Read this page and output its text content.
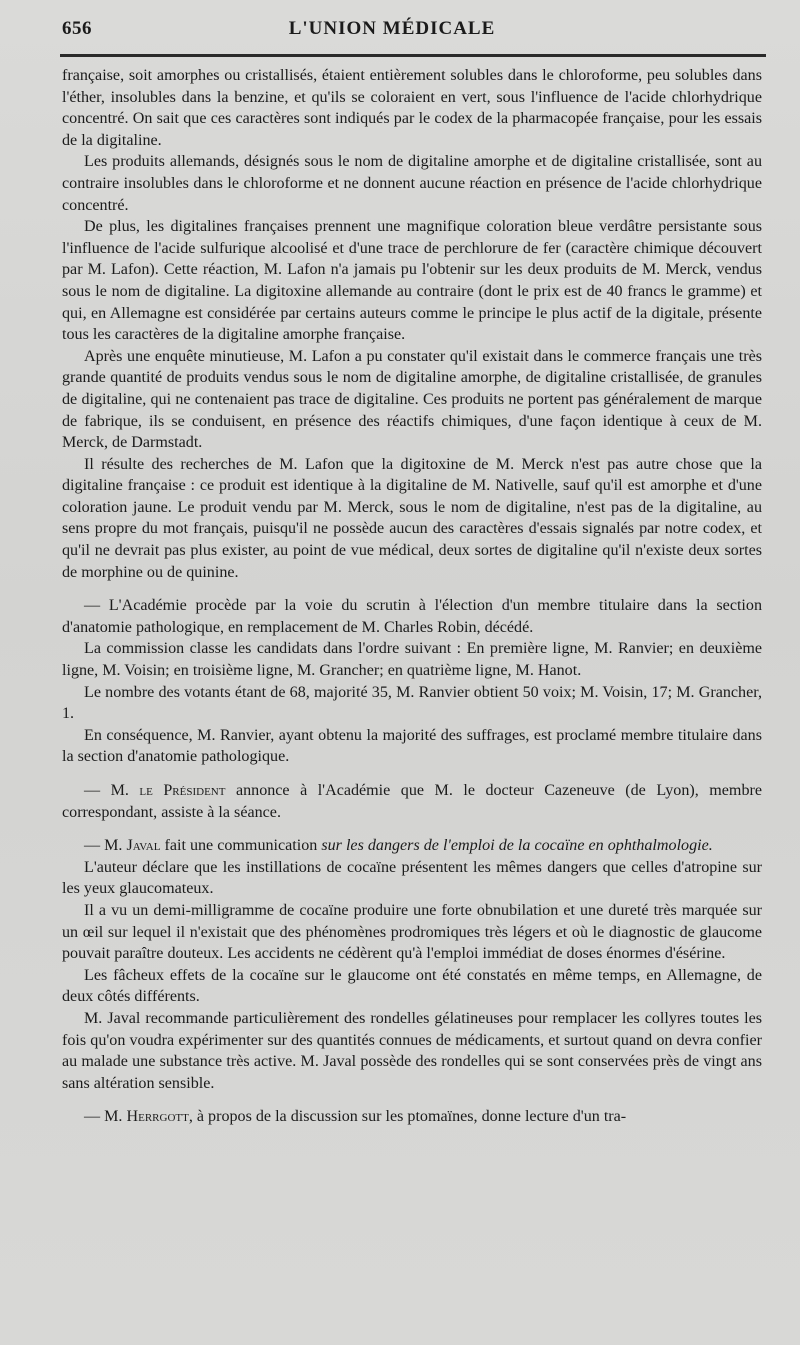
656	L'UNION MÉDICALE

française, soit amorphes ou cristallisés, étaient entièrement solubles dans le chloroforme, peu solubles dans l'éther, insolubles dans la benzine, et qu'ils se coloraient en vert, sous l'influence de l'acide chlorhydrique concentré. On sait que ces caractères sont indiqués par le codex de la pharmacopée française, pour les essais de la digitaline.

Les produits allemands, désignés sous le nom de digitaline amorphe et de digitaline cristallisée, sont au contraire insolubles dans le chloroforme et ne donnent aucune réaction en présence de l'acide chlorhydrique concentré.

De plus, les digitalines françaises prennent une magnifique coloration bleue verdâtre persistante sous l'influence de l'acide sulfurique alcoolisé et d'une trace de perchlorure de fer (caractère chimique découvert par M. Lafon). Cette réaction, M. Lafon n'a jamais pu l'obtenir sur les deux produits de M. Merck, vendus sous le nom de digitaline. La digitoxine allemande au contraire (dont le prix est de 40 francs le gramme) et qui, en Allemagne est considérée par certains auteurs comme le principe le plus actif de la digitale, présente tous les caractères de la digitaline amorphe française.

Après une enquête minutieuse, M. Lafon a pu constater qu'il existait dans le commerce français une très grande quantité de produits vendus sous le nom de digitaline amorphe, de digitaline cristallisée, de granules de digitaline, qui ne contenaient pas trace de digitaline. Ces produits ne portent pas généralement de marque de fabrique, ils se conduisent, en présence des réactifs chimiques, d'une façon identique à ceux de M. Merck, de Darmstadt.

Il résulte des recherches de M. Lafon que la digitoxine de M. Merck n'est pas autre chose que la digitaline française : ce produit est identique à la digitaline de M. Nativelle, sauf qu'il est amorphe et d'une coloration jaune. Le produit vendu par M. Merck, sous le nom de digitaline, n'est pas de la digitaline, au sens propre du mot français, puisqu'il ne possède aucun des caractères d'essais signalés par notre codex, et qu'il ne devrait pas plus exister, au point de vue médical, deux sortes de digitaline qu'il n'existe deux sortes de morphine ou de quinine.

— L'Académie procède par la voie du scrutin à l'élection d'un membre titulaire dans la section d'anatomie pathologique, en remplacement de M. Charles Robin, décédé.

La commission classe les candidats dans l'ordre suivant : En première ligne, M. Ranvier; en deuxième ligne, M. Voisin; en troisième ligne, M. Grancher; en quatrième ligne, M. Hanot.

Le nombre des votants étant de 68, majorité 35, M. Ranvier obtient 50 voix; M. Voisin, 17; M. Grancher, 1.

En conséquence, M. Ranvier, ayant obtenu la majorité des suffrages, est proclamé membre titulaire dans la section d'anatomie pathologique.

— M. le Président annonce à l'Académie que M. le docteur Cazeneuve (de Lyon), membre correspondant, assiste à la séance.

— M. Javal fait une communication sur les dangers de l'emploi de la cocaïne en ophthalmologie.

L'auteur déclare que les instillations de cocaïne présentent les mêmes dangers que celles d'atropine sur les yeux glaucomateux.

Il a vu un demi-milligramme de cocaïne produire une forte obnubilation et une dureté très marquée sur un œil sur lequel il n'existait que des phénomènes prodromiques très légers et où le diagnostic de glaucome pouvait paraître douteux. Les accidents ne cédèrent qu'à l'emploi immédiat de doses énormes d'ésérine.

Les fâcheux effets de la cocaïne sur le glaucome ont été constatés en même temps, en Allemagne, de deux côtés différents.

M. Javal recommande particulièrement des rondelles gélatineuses pour remplacer les collyres toutes les fois qu'on voudra expérimenter sur des quantités connues de médicaments, et surtout quand on devra confier au malade une substance très active. M. Javal possède des rondelles qui se sont conservées près de vingt ans sans altération sensible.

— M. Herrgott, à propos de la discussion sur les ptomaïnes, donne lecture d'un tra-
